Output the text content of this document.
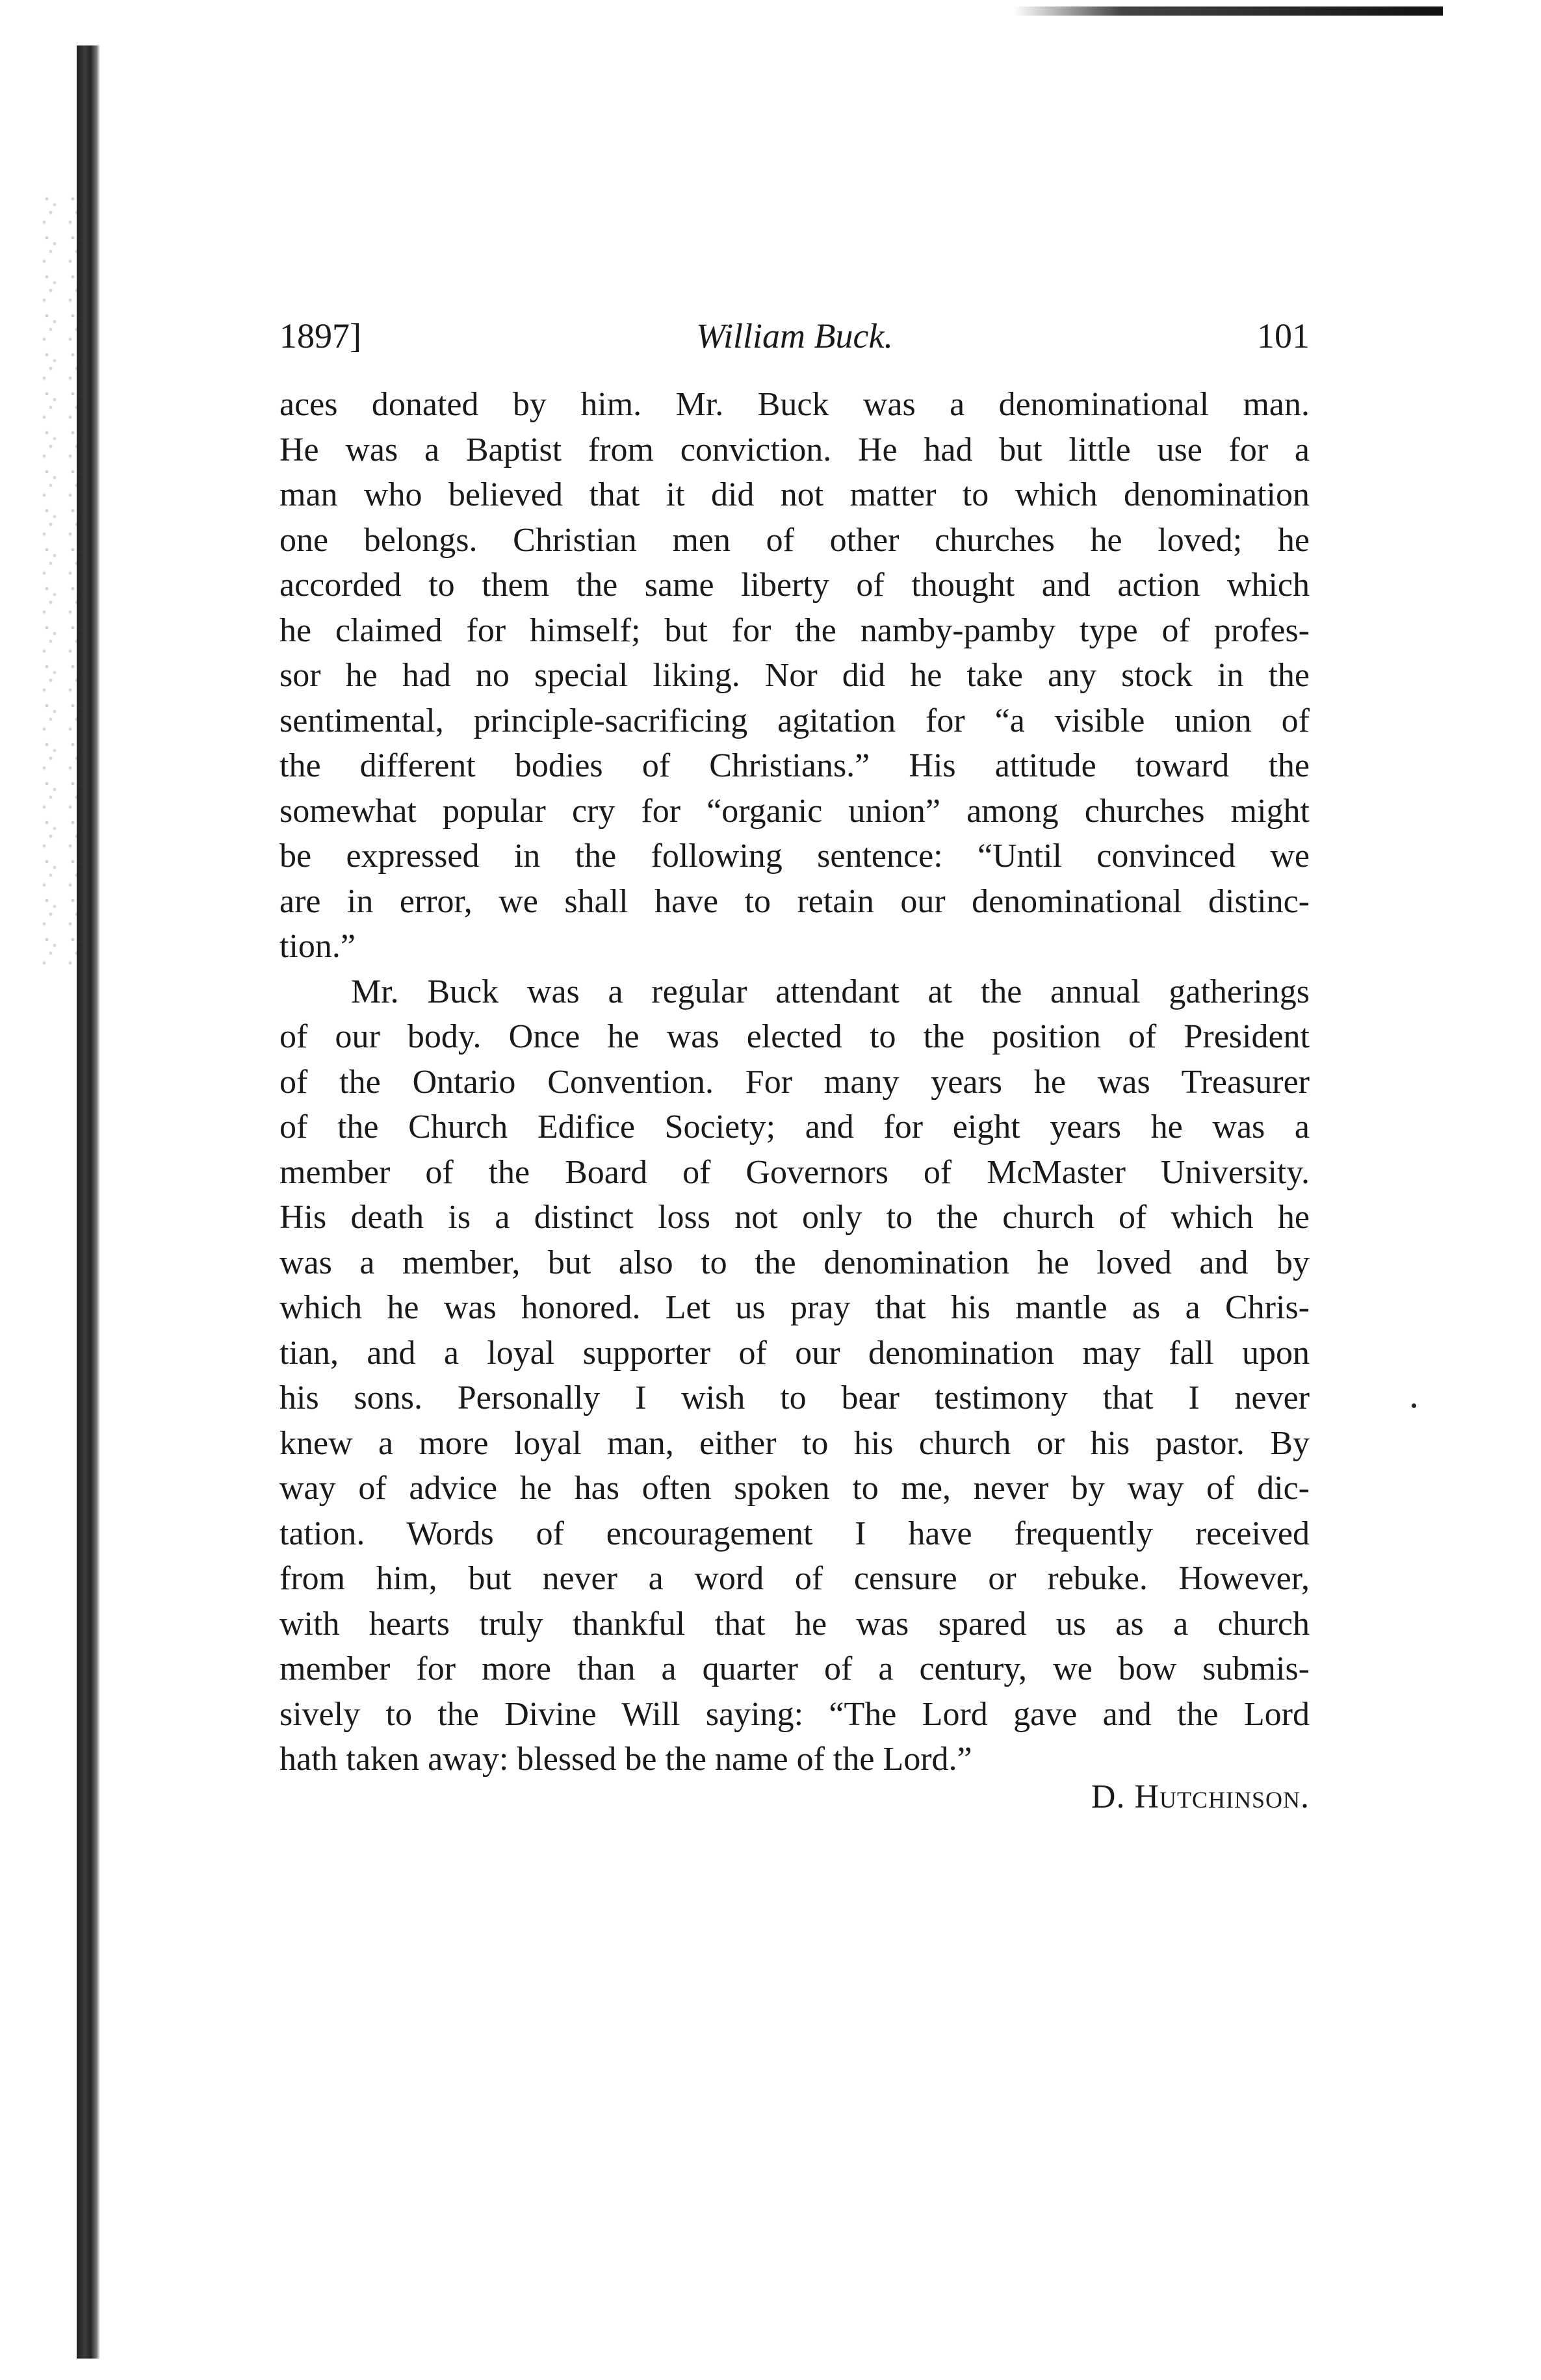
1897]	William Buck.	101
aces donated by him. Mr. Buck was a denominational man.
He was a Baptist from conviction. He had but little use for a
man who believed that it did not matter to which denomination
one belongs. Christian men of other churches he loved; he
accorded to them the same liberty of thought and action which
he claimed for himself; but for the namby-pamby type of profes-
sor he had no special liking. Nor did he take any stock in the
sentimental, principle-sacrificing agitation for “a visible union of
the different bodies of Christians.” His attitude toward the
somewhat popular cry for “organic union” among churches might
be expressed in the following sentence: “Until convinced we
are in error, we shall have to retain our denominational distinc-
tion.”
Mr. Buck was a regular attendant at the annual gatherings
of our body. Once he was elected to the position of President
of the Ontario Convention. For many years he was Treasurer
of the Church Edifice Society; and for eight years he was a
member of the Board of Governors of McMaster University.
His death is a distinct loss not only to the church of which he
was a member, but also to the denomination he loved and by
which he was honored. Let us pray that his mantle as a Chris-
tian, and a loyal supporter of our denomination may fall upon
his sons. Personally I wish to bear testimony that I never
knew a more loyal man, either to his church or his pastor. By
way of advice he has often spoken to me, never by way of dic-
tation. Words of encouragement I have frequently received
from him, but never a word of censure or rebuke. However,
with hearts truly thankful that he was spared us as a church
member for more than a quarter of a century, we bow submis-
sively to the Divine Will saying: “The Lord gave and the Lord
hath taken away: blessed be the name of the Lord.”
D. Hutchinson.
